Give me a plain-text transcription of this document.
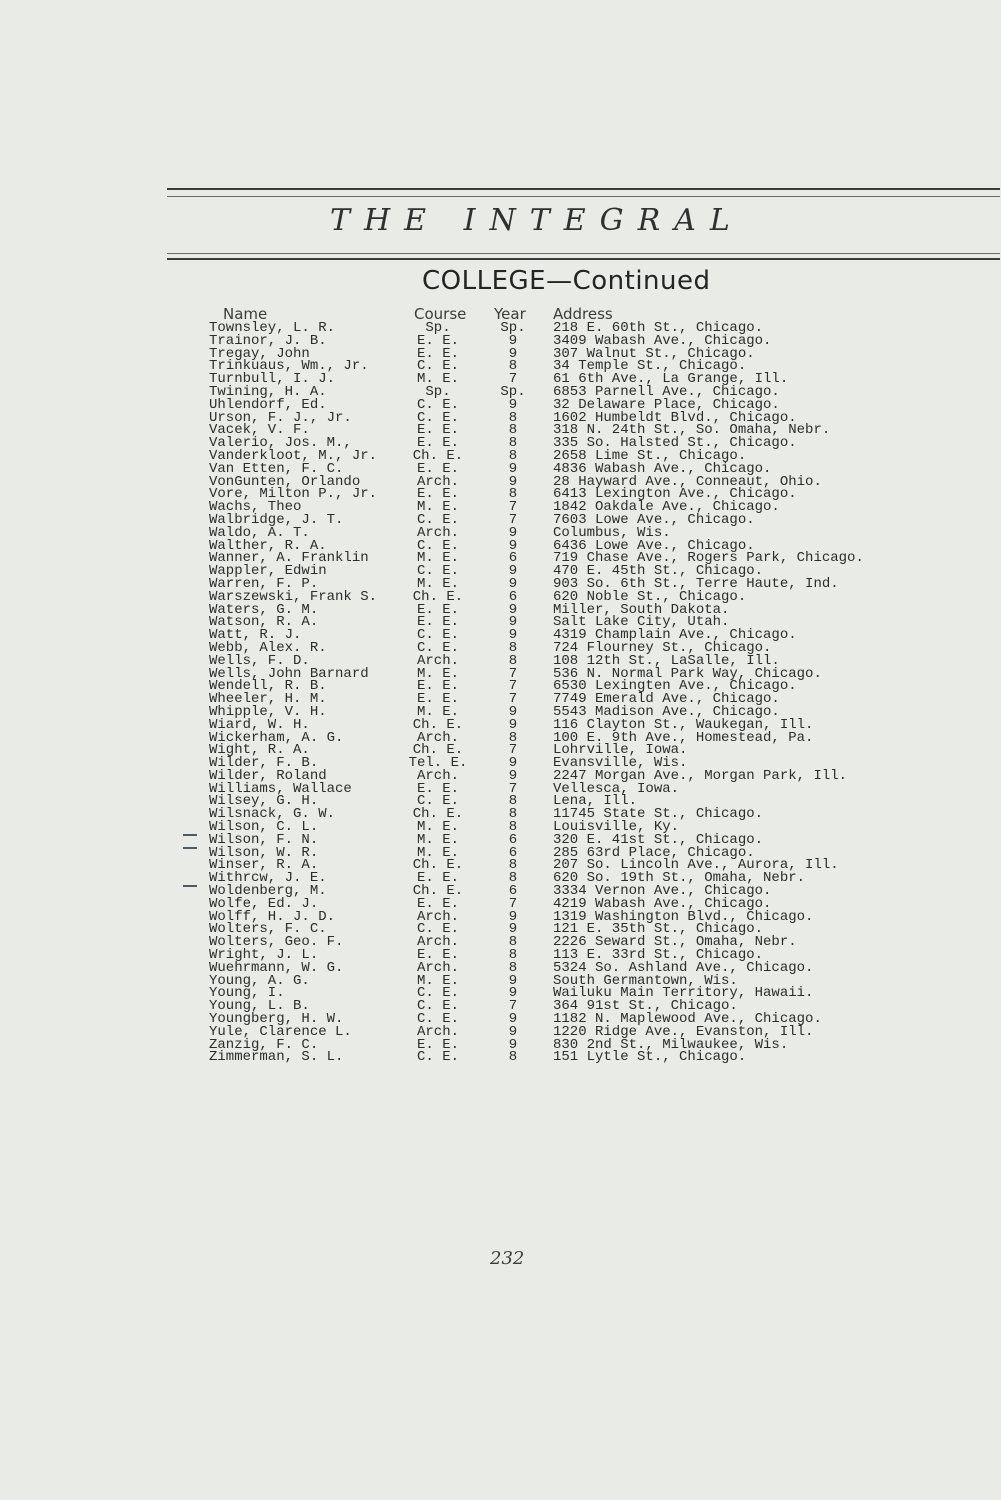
THE INTEGRAL
COLLEGE—Continued
Name	Course Year Address
Townsley, L. R.	Sp.	Sp.	218 E. 60th St., Chicago.
Trainor, J. B.	E. E.	9	3409 Wabash Ave., Chicago.
Tregay, John	E. E.	9	307 Walnut St., Chicago.
Trinkuaus, Wm., Jr.	C. E.	8	34 Temple St., Chicago.
Turnbull, I. J.	M. E.	7	61 6th Ave., La Grange, Ill.
Twining, H. A.	Sp.	Sp.	6853 Parnell Ave., Chicago.
Uhlendorf, Ed.	C. E.	9	32 Delaware Place, Chicago.
Urson, F. J., Jr.	C. E.	8	1602 Humbeldt Blvd., Chicago.
Vacek, V. F.	E. E.	8	318 N. 24th St., So. Omaha, Nebr.
Valerio, Jos. M.,	E. E.	8	335 So. Halsted St., Chicago.
Vanderkloot, M., Jr.	Ch. E.	8	2658 Lime St., Chicago.
Van Etten, F. C.	E. E.	9	4836 Wabash Ave., Chicago.
VonGunten, Orlando	Arch.	9	28 Hayward Ave., Conneaut, Ohio.
Vore, Milton P., Jr.	E. E.	8	6413 Lexington Ave., Chicago.
Wachs, Theo	M. E.	7	1842 Oakdale Ave., Chicago.
Walbridge, J. T.	C. E.	7	7603 Lowe Ave., Chicago.
Waldo, A. T.	Arch.	9	Columbus, Wis.
Walther, R. A.	C. E.	9	6436 Lowe Ave., Chicago.
Wanner, A. Franklin	M. E.	6	719 Chase Ave., Rogers Park, Chicago.
Wappler, Edwin	C. E.	9	470 E. 45th St., Chicago.
Warren, F. P.	M. E.	9	903 So. 6th St., Terre Haute, Ind.
Warszewski, Frank S.	Ch. E.	6	620 Noble St., Chicago.
Waters, G. M.	E. E.	9	Miller, South Dakota.
Watson, R. A.	E. E.	9	Salt Lake City, Utah.
Watt, R. J.	C. E.	9	4319 Champlain Ave., Chicago.
Webb, Alex. R.	C. E.	8	724 Flourney St., Chicago.
Wells, F. D.	Arch.	8	108 12th St., LaSalle, Ill.
Wells, John Barnard	M. E.	7	536 N. Normal Park Way, Chicago.
Wendell, R. B.	E. E.	7	6530 Lexingten Ave., Chicago.
Wheeler, H. M.	E. E.	7	7749 Emerald Ave., Chicago.
Whipple, V. H.	M. E.	9	5543 Madison Ave., Chicago.
Wiard, W. H.	Ch. E.	9	116 Clayton St., Waukegan, Ill.
Wickerham, A. G.	Arch.	8	100 E. 9th Ave., Homestead, Pa.
Wight, R. A.	Ch. E.	7	Lohrville, Iowa.
Wilder, F. B.	Tel. E.	9	Evansville, Wis.
Wilder, Roland	Arch.	9	2247 Morgan Ave., Morgan Park, Ill.
Williams, Wallace	E. E.	7	Vellesca, Iowa.
Wilsey, G. H.	C. E.	8	Lena, Ill.
Wilsnack, G. W.	Ch. E.	8	11745 State St., Chicago.
Wilson, C. L.	M. E.	8	Louisville, Ky.
Wilson, F. N.	M. E.	6	320 E. 41st St., Chicago.
Wilson, W. R.	M. E.	6	285 63rd Place, Chicago.
Winser, R. A.	Ch. E.	8	207 So. Lincoln Ave., Aurora, Ill.
Withrcw, J. E.	E. E.	8	620 So. 19th St., Omaha, Nebr.
Woldenberg, M.	Ch. E.	6	3334 Vernon Ave., Chicago.
Wolfe, Ed. J.	E. E.	7	4219 Wabash Ave., Chicago.
Wolff, H. J. D.	Arch.	9	1319 Washington Blvd., Chicago.
Wolters, F. C.	C. E.	9	121 E. 35th St., Chicago.
Wolters, Geo. F.	Arch.	8	2226 Seward St., Omaha, Nebr.
Wright, J. L.	E. E.	8	113 E. 33rd St., Chicago.
Wuehrmann, W. G.	Arch.	8	5324 So. Ashland Ave., Chicago.
Young, A. G.	M. E.	9	South Germantown, Wis.
Young, I.	C. E.	9	Wailuku Main Territory, Hawaii.
Young, L. B.	C. E.	7	364 91st St., Chicago.
Youngberg, H. W.	C. E.	9	1182 N. Maplewood Ave., Chicago.
Yule, Clarence L.	Arch.	9	1220 Ridge Ave., Evanston, Ill.
Zanzig, F. C.	E. E.	9	830 2nd St., Milwaukee, Wis.
Zimmerman, S. L.	C. E.	8	151 Lytle St., Chicago.
232
